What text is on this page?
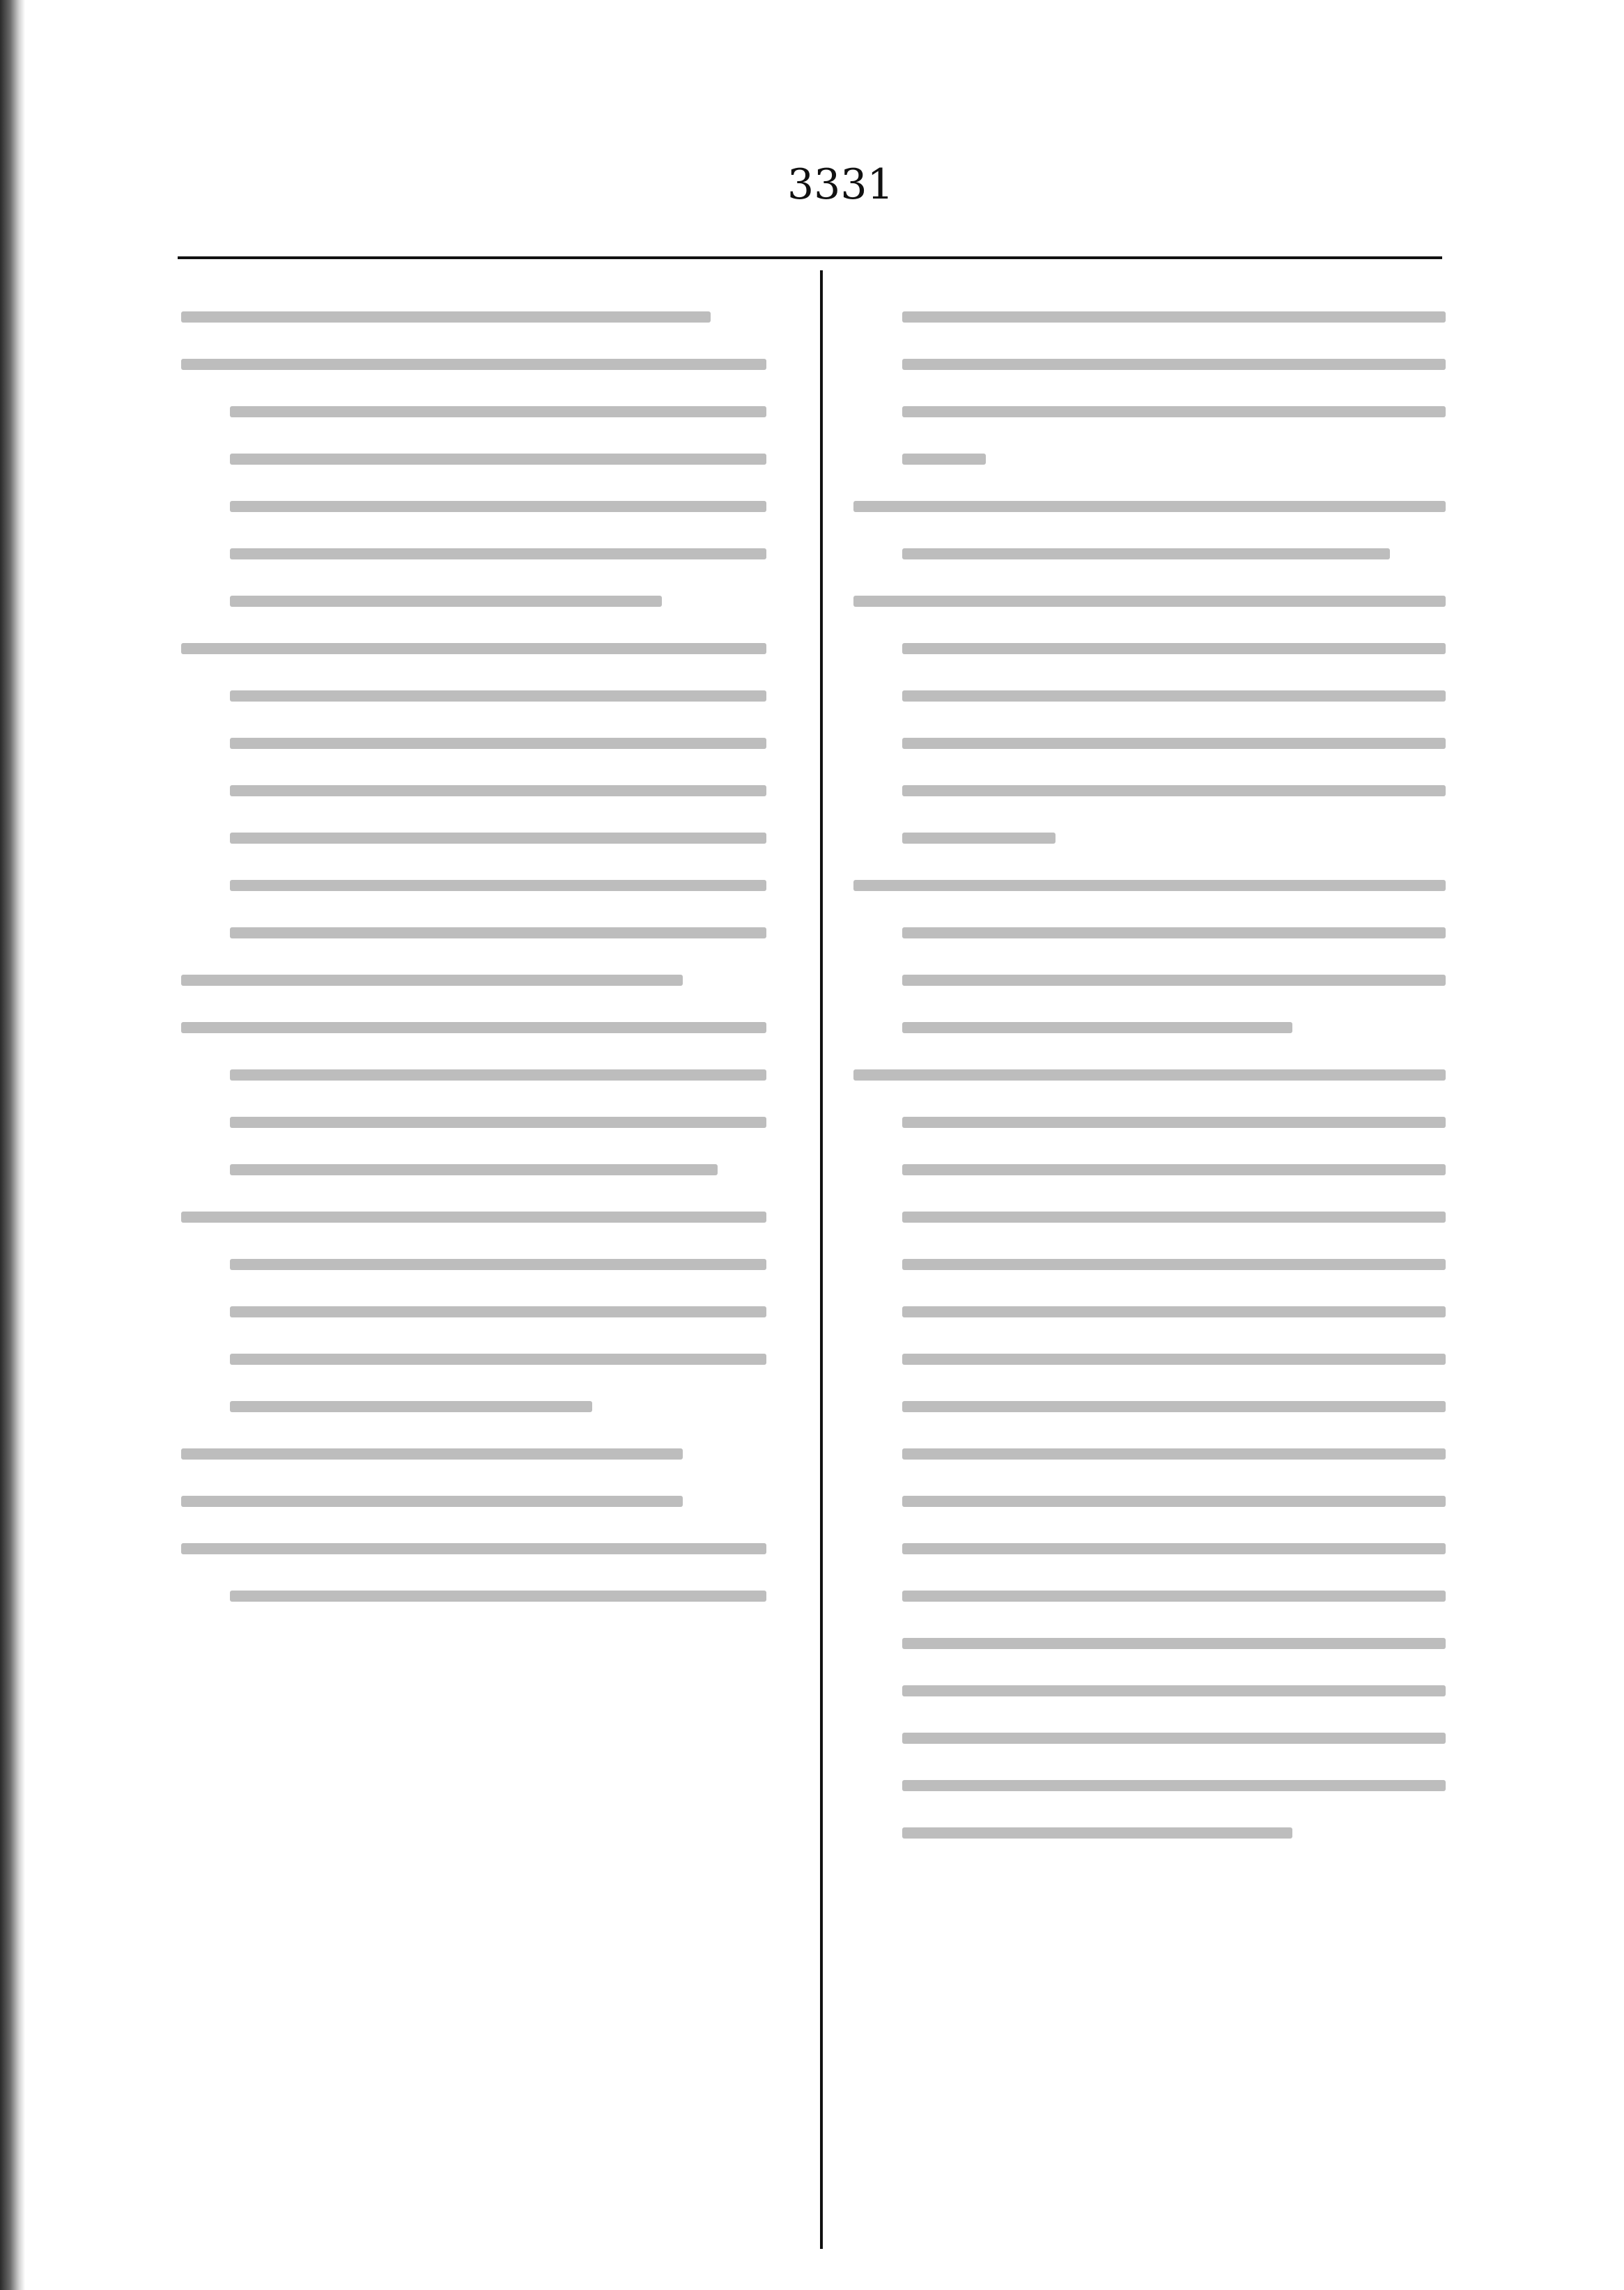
3331
